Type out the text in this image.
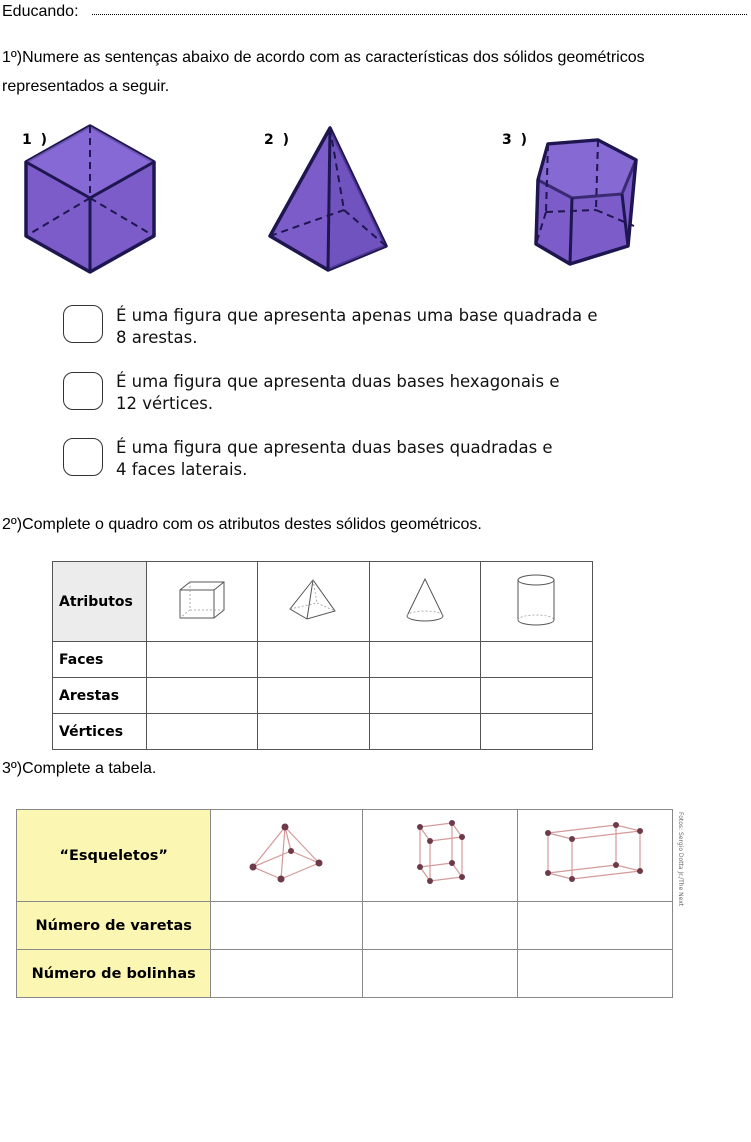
Educando:
1º)Numere as sentenças abaixo de acordo com as características dos sólidos geométricos
representados a seguir.
1 )	2 )	3 )
É uma figura que apresenta apenas uma base quadrada e
8 arestas.
É uma figura que apresenta duas bases hexagonais e
12 vértices.
É uma figura que apresenta duas bases quadradas e
4 faces laterais.
2º)Complete o quadro com os atributos destes sólidos geométricos.
Atributos				
Faces				
Arestas				
Vértices				
3º)Complete a tabela.
“Esqueletos”			
Número de varetas			
Número de bolinhas			
Fotos: Sergio Dotta Jr./The Next
